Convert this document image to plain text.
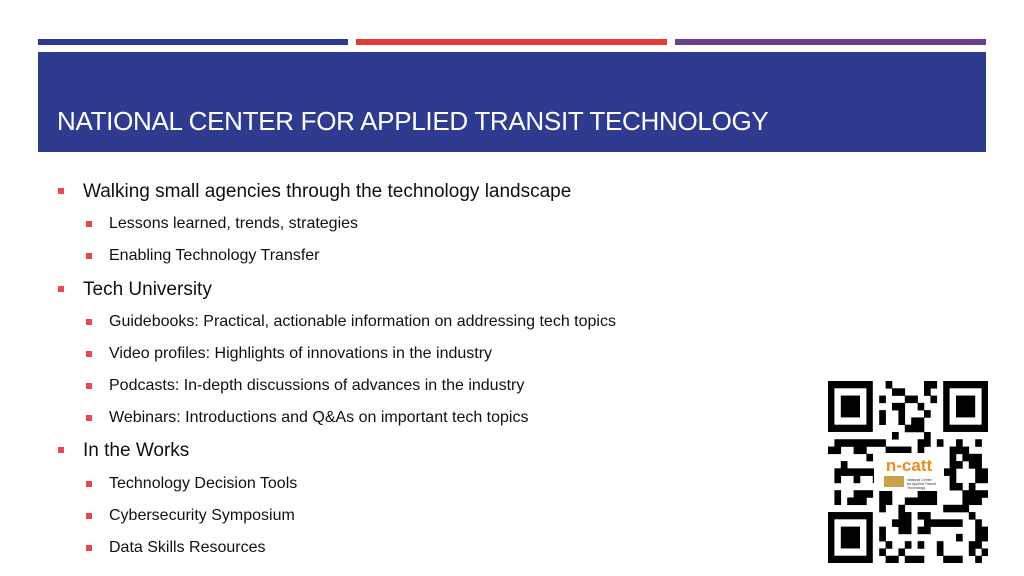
NATIONAL CENTER FOR APPLIED TRANSIT TECHNOLOGY
Walking small agencies through the technology landscape
Lessons learned, trends, strategies
Enabling Technology Transfer
Tech University
Guidebooks: Practical, actionable information on addressing tech topics
Video profiles: Highlights of innovations in the industry
Podcasts: In-depth discussions of advances in the industry
Webinars: Introductions and Q&As on important tech topics
In the Works
Technology Decision Tools
Cybersecurity Symposium
Data Skills Resources
n-catt
National Center for Applied Transit Technology
